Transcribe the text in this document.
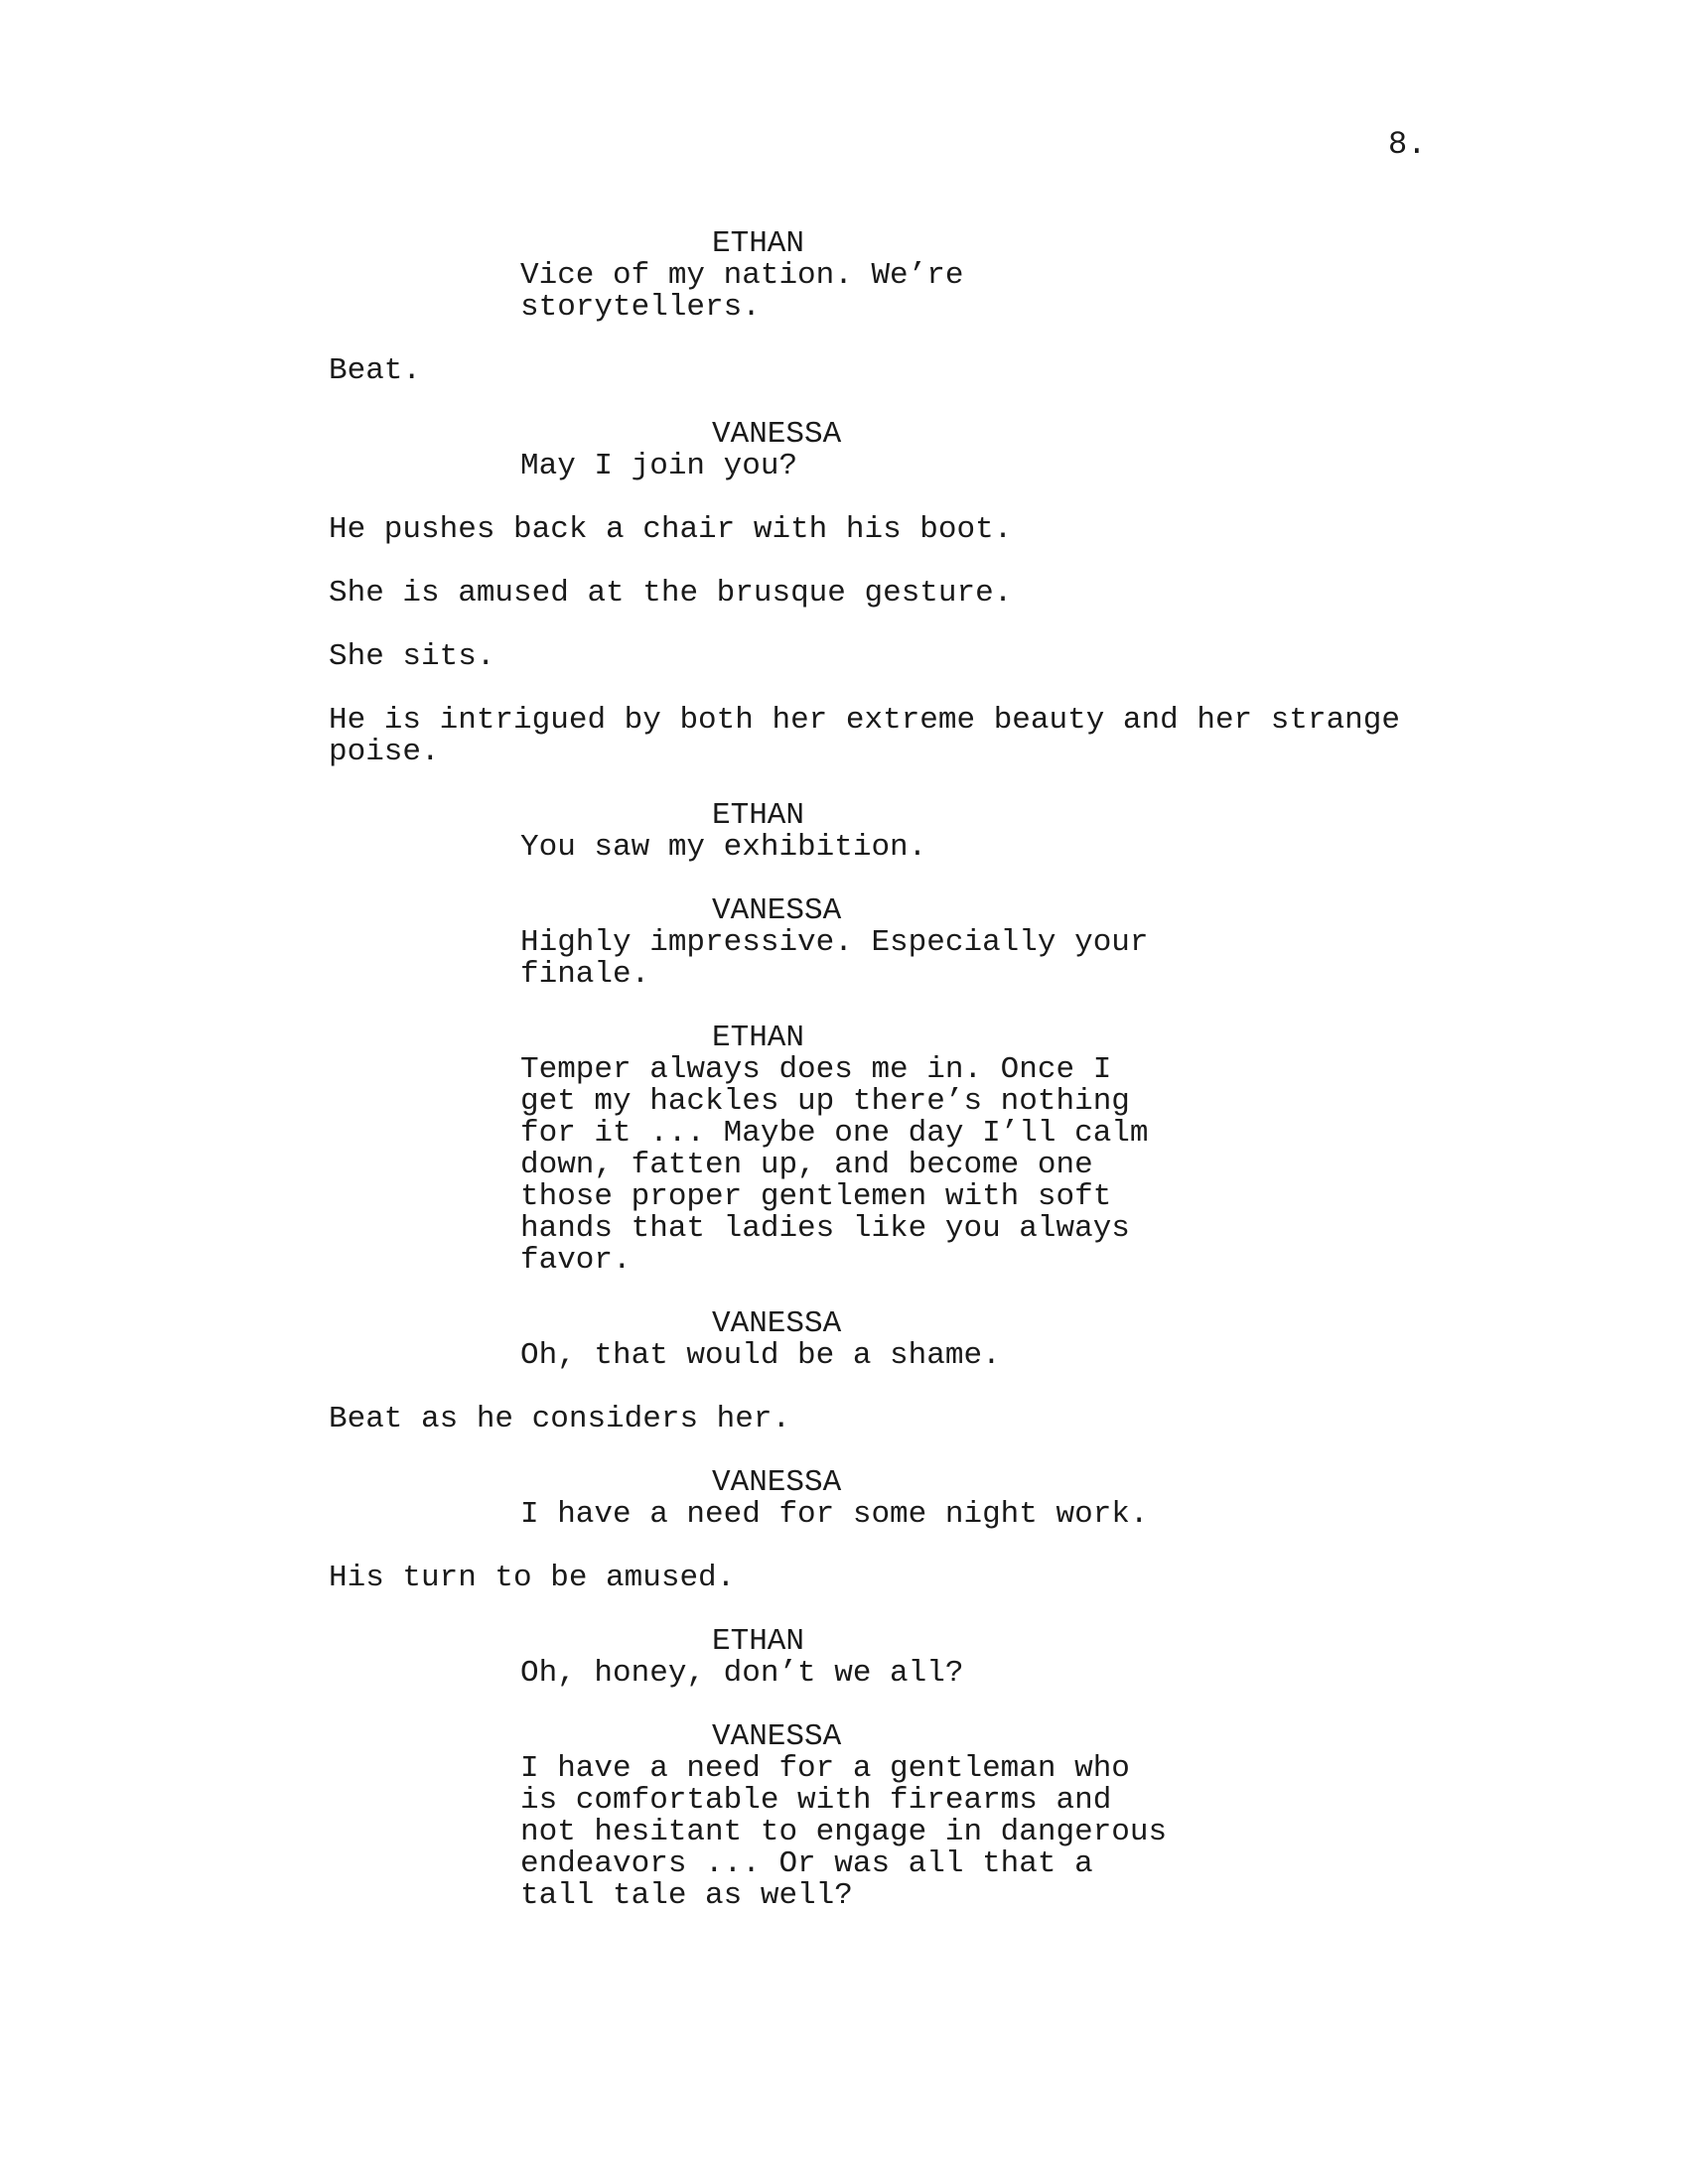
8.
ETHAN
Vice of my nation. We’re
storytellers.
Beat.
VANESSA
May I join you?
He pushes back a chair with his boot.
She is amused at the brusque gesture.
She sits.
He is intrigued by both her extreme beauty and her strange
poise.
ETHAN
You saw my exhibition.
VANESSA
Highly impressive. Especially your
finale.
ETHAN
Temper always does me in. Once I
get my hackles up there’s nothing
for it ... Maybe one day I’ll calm
down, fatten up, and become one
those proper gentlemen with soft
hands that ladies like you always
favor.
VANESSA
Oh, that would be a shame.
Beat as he considers her.
VANESSA
I have a need for some night work.
His turn to be amused.
ETHAN
Oh, honey, don’t we all?
VANESSA
I have a need for a gentleman who
is comfortable with firearms and
not hesitant to engage in dangerous
endeavors ... Or was all that a
tall tale as well?
